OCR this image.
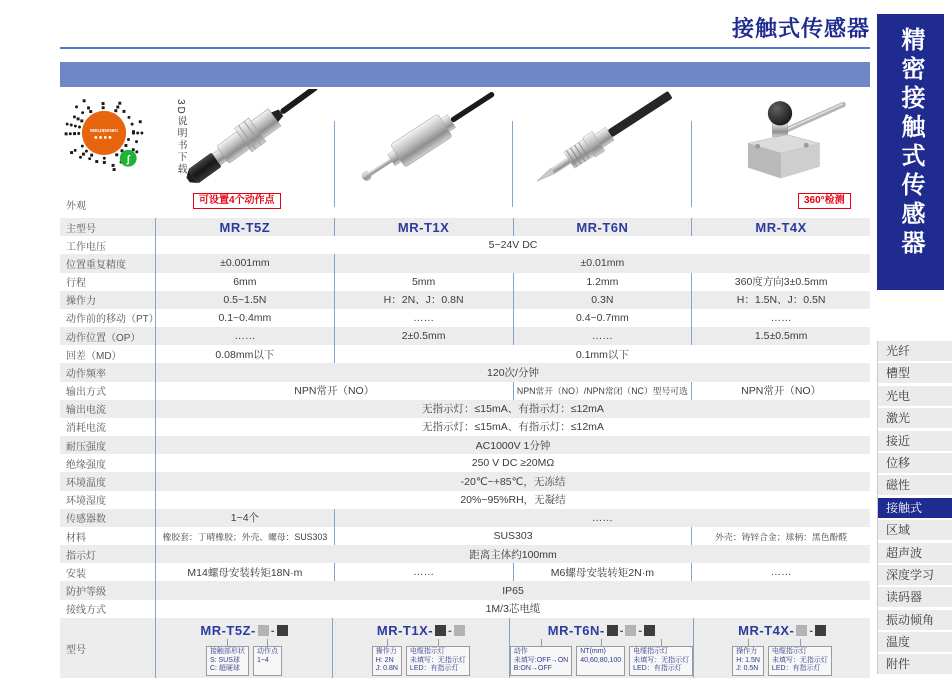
接触式传感器
MEIJIDENKI
ʃ	3D说明书下载
可设置4个动作点	360°检测
外观
主型号	MR-T5Z	MR-T1X	MR-T6N	MR-T4X
工作电压	5~24V DC
位置重复精度	±0.001mm	±0.01mm
行程	6mm	5mm	1.2mm	360度方向3±0.5mm
操作力	0.5~1.5N	H：2N、J：0.8N	0.3N	H：1.5N、J：0.5N
动作前的移动（PT）	0.1~0.4mm	……	0.4~0.7mm	……
动作位置（OP）	……	2±0.5mm	……	1.5±0.5mm
回差（MD）	0.08mm以下	0.1mm以下
动作频率	120次/分钟
输出方式	NPN常开（NO）	NPN常开（NO）/NPN常闭（NC）型号可选	NPN常开（NO）
输出电流	无指示灯：≤15mA、有指示灯：≤12mA
消耗电流	无指示灯：≤15mA、有指示灯：≤12mA
耐压强度	AC1000V 1分钟
绝缘强度	250 V DC ≥20MΩ
环境温度	-20℃~+85℃，无冻结
环境湿度	20%~95%RH，无凝结
传感器数	1~4个	……
材料	橡胶套：丁晴橡胶；外壳、螺母：SUS303	SUS303	外壳：铸锌合金；球柄：黑色酚醛
指示灯	距离主体约100mm
安装	M14螺母安装转矩18N·m	……	M6螺母安装转矩2N·m	……
防护等级	IP65
接线方式	1M/3芯电缆
型号
MR-T5Z- -
接触部形状
S: SUS球
C: 超硬球
动作点
1~4
MR-T1X- -
操作力
H: 2N
J: 0.8N
电缆指示灯
未填写：无指示灯
LED：有指示灯
MR-T6N- - -
动作
未填写:OFF→ON
B:ON→OFF
NT(mm)
40,60,80,100
电缆指示灯
未填写：无指示灯
LED：有指示灯
MR-T4X- -
操作力
H: 1.5N
J: 0.5N
电缆指示灯
未填写：无指示灯
LED：有指示灯
精密接触式传感器
光纤
槽型
光电
激光
接近
位移
磁性
接触式
区域
超声波
深度学习
读码器
振动倾角
温度
附件
